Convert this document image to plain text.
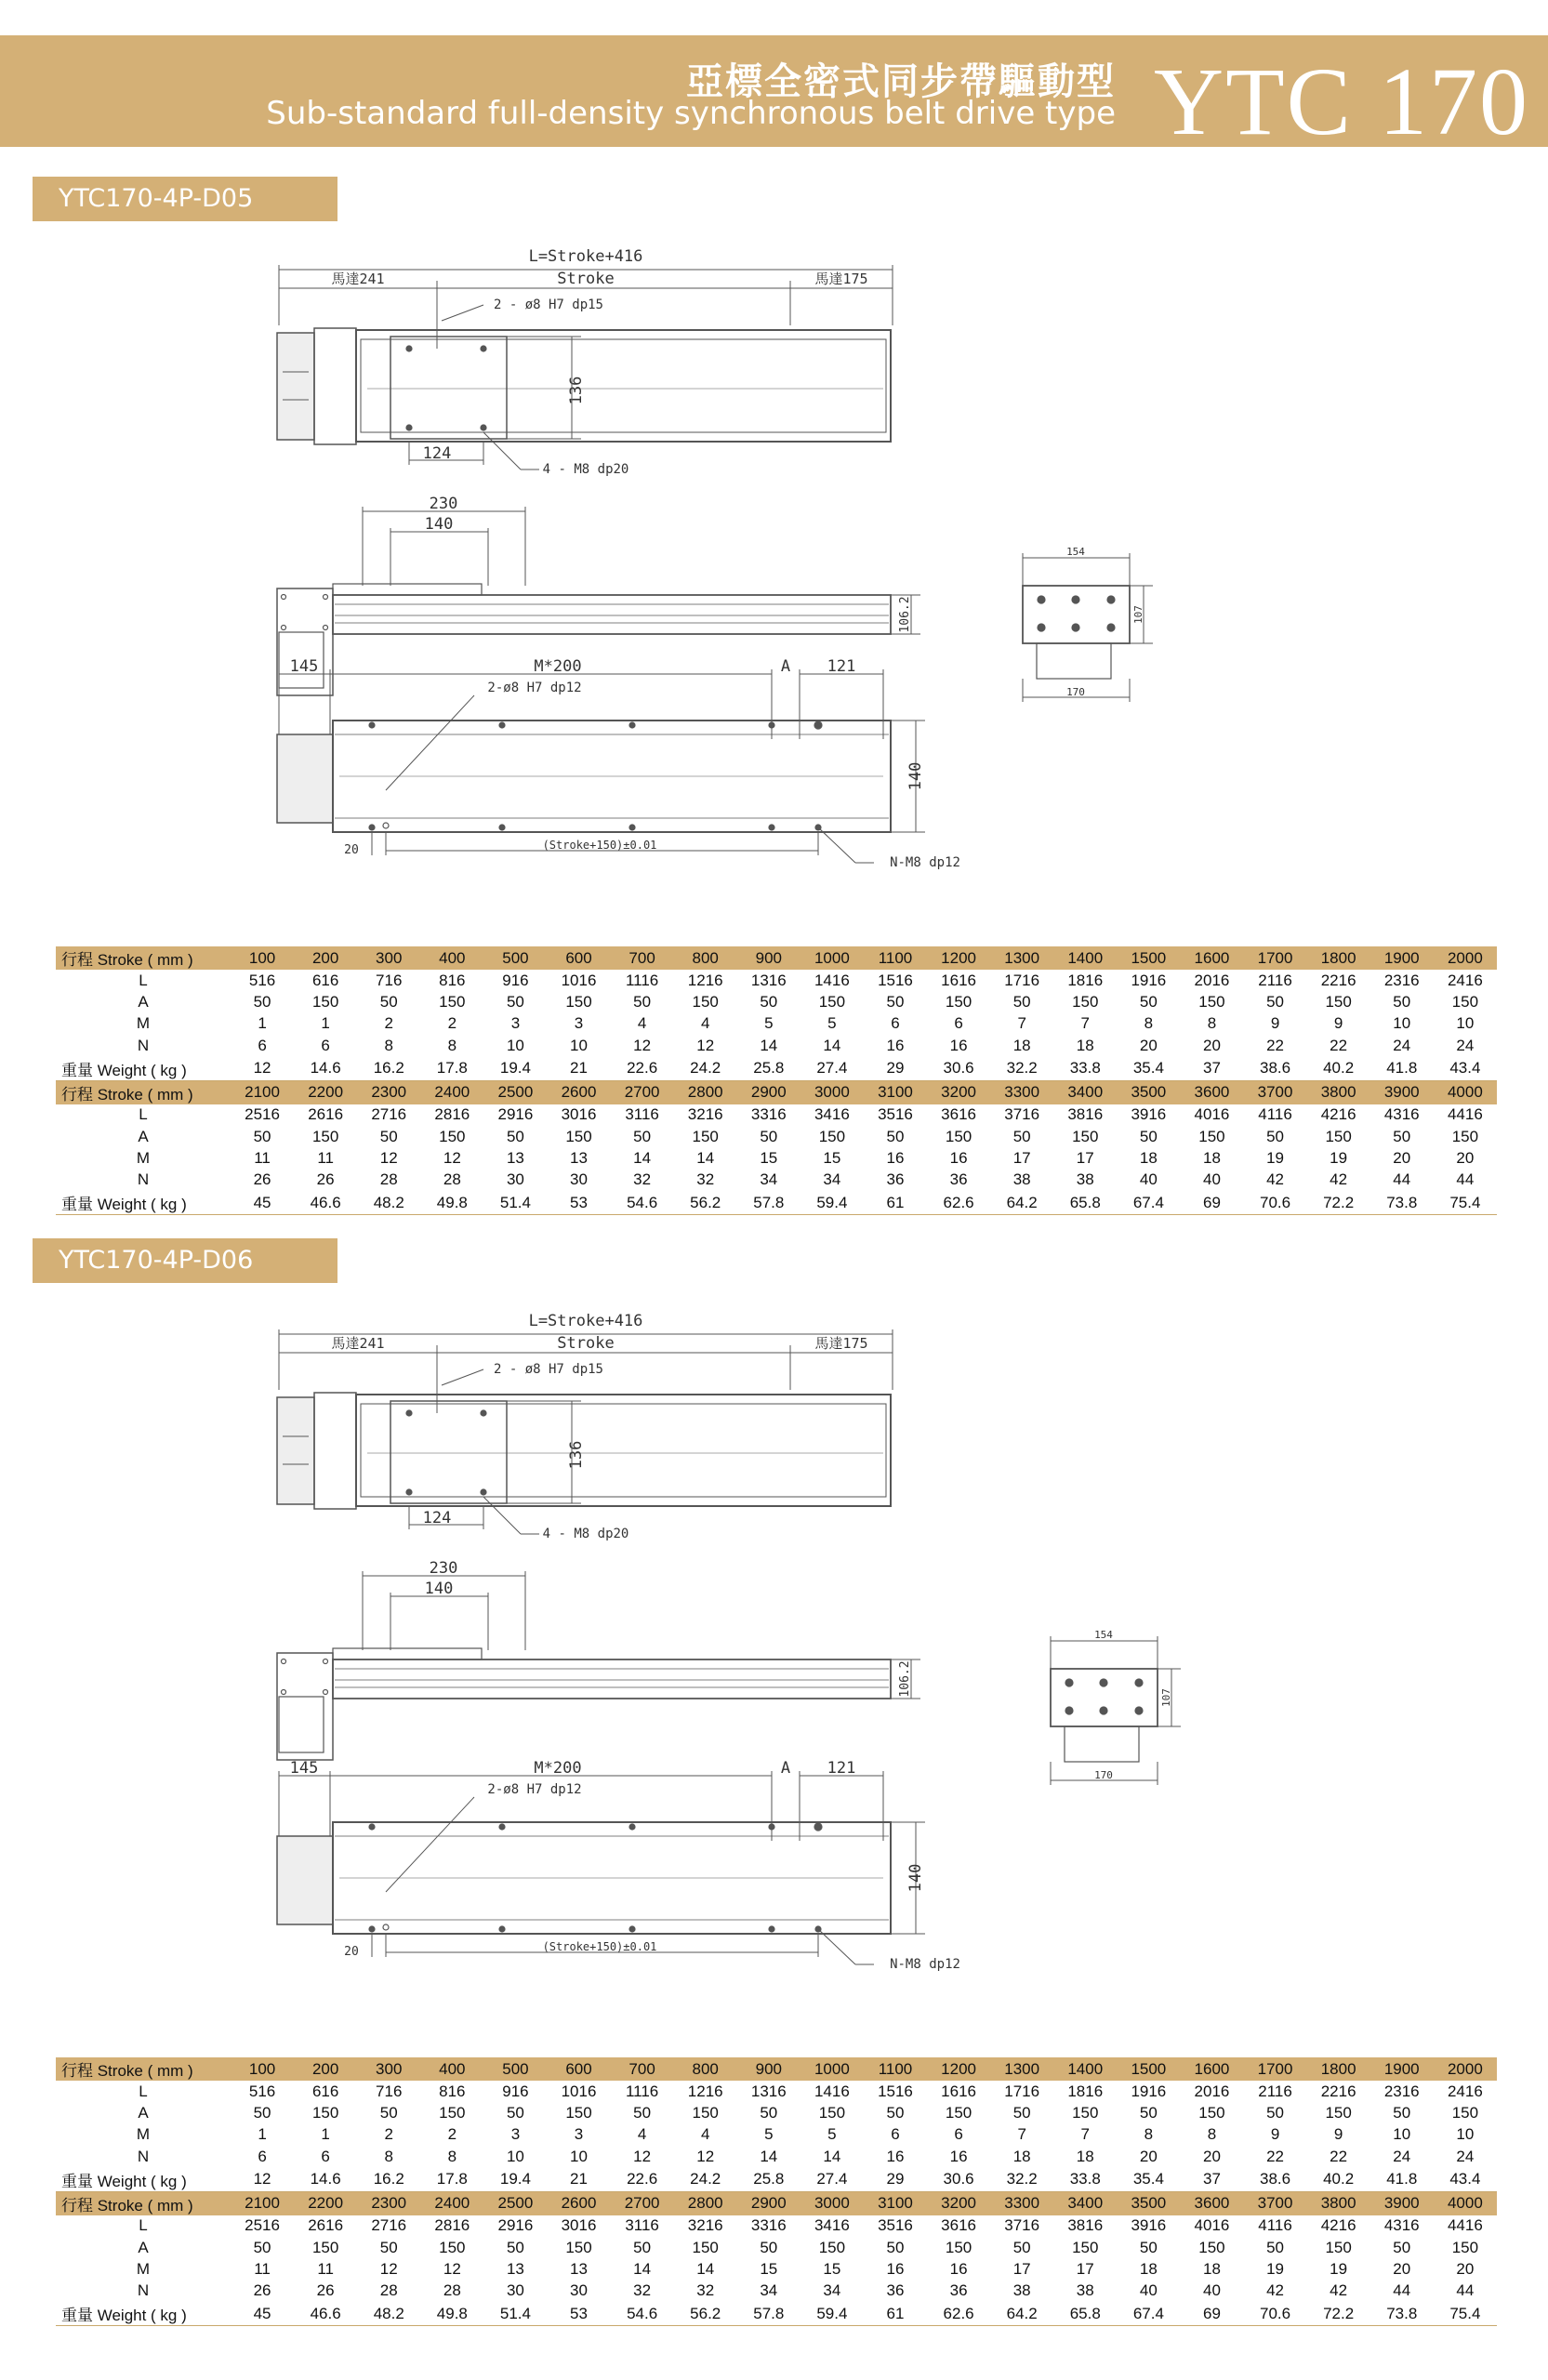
亞標全密式同步帶驅動型
Sub-standard full-density synchronous belt drive type YTC 170
YTC170-4P-D05
L=Stroke+416
馬達241	Stroke	馬達175
2 - ø8 H7 dp15
136
124
4 - M8 dp20
230
140
106.2
154
107
170
145	M*200	A 121
2-ø8 H7 dp12
140
20	(Stroke+150)±0.01
N-M8 dp12
行程 Stroke ( mm )	100	200	300	400	500	600	700	800	900	1000	1100	1200	1300	1400	1500	1600	1700	1800	1900	2000
L	516	616	716	816	916	1016	1116	1216	1316	1416	1516	1616	1716	1816	1916	2016	2116	2216	2316	2416
A	50	150	50	150	50	150	50	150	50	150	50	150	50	150	50	150	50	150	50	150
M	1	1	2	2	3	3	4	4	5	5	6	6	7	7	8	8	9	9	10	10
N	6	6	8	8	10	10	12	12	14	14	16	16	18	18	20	20	22	22	24	24
重量 Weight ( kg )	12	14.6	16.2	17.8	19.4	21	22.6	24.2	25.8	27.4	29	30.6	32.2	33.8	35.4	37	38.6	40.2	41.8	43.4
行程 Stroke ( mm )	2100	2200	2300	2400	2500	2600	2700	2800	2900	3000	3100	3200	3300	3400	3500	3600	3700	3800	3900	4000
L	2516	2616	2716	2816	2916	3016	3116	3216	3316	3416	3516	3616	3716	3816	3916	4016	4116	4216	4316	4416
A	50	150	50	150	50	150	50	150	50	150	50	150	50	150	50	150	50	150	50	150
M	11	11	12	12	13	13	14	14	15	15	16	16	17	17	18	18	19	19	20	20
N	26	26	28	28	30	30	32	32	34	34	36	36	38	38	40	40	42	42	44	44
重量 Weight ( kg )	45	46.6	48.2	49.8	51.4	53	54.6	56.2	57.8	59.4	61	62.6	64.2	65.8	67.4	69	70.6	72.2	73.8	75.4
YTC170-4P-D06
L=Stroke+416
馬達241	Stroke	馬達175
2 - ø8 H7 dp15
136
124
4 - M8 dp20
230
140
106.2
154
107
170
145	M*200	A 121
2-ø8 H7 dp12
140
20	(Stroke+150)±0.01
N-M8 dp12
行程 Stroke ( mm )	100	200	300	400	500	600	700	800	900	1000	1100	1200	1300	1400	1500	1600	1700	1800	1900	2000
L	516	616	716	816	916	1016	1116	1216	1316	1416	1516	1616	1716	1816	1916	2016	2116	2216	2316	2416
A	50	150	50	150	50	150	50	150	50	150	50	150	50	150	50	150	50	150	50	150
M	1	1	2	2	3	3	4	4	5	5	6	6	7	7	8	8	9	9	10	10
N	6	6	8	8	10	10	12	12	14	14	16	16	18	18	20	20	22	22	24	24
重量 Weight ( kg )	12	14.6	16.2	17.8	19.4	21	22.6	24.2	25.8	27.4	29	30.6	32.2	33.8	35.4	37	38.6	40.2	41.8	43.4
行程 Stroke ( mm )	2100	2200	2300	2400	2500	2600	2700	2800	2900	3000	3100	3200	3300	3400	3500	3600	3700	3800	3900	4000
L	2516	2616	2716	2816	2916	3016	3116	3216	3316	3416	3516	3616	3716	3816	3916	4016	4116	4216	4316	4416
A	50	150	50	150	50	150	50	150	50	150	50	150	50	150	50	150	50	150	50	150
M	11	11	12	12	13	13	14	14	15	15	16	16	17	17	18	18	19	19	20	20
N	26	26	28	28	30	30	32	32	34	34	36	36	38	38	40	40	42	42	44	44
重量 Weight ( kg )	45	46.6	48.2	49.8	51.4	53	54.6	56.2	57.8	59.4	61	62.6	64.2	65.8	67.4	69	70.6	72.2	73.8	75.4
